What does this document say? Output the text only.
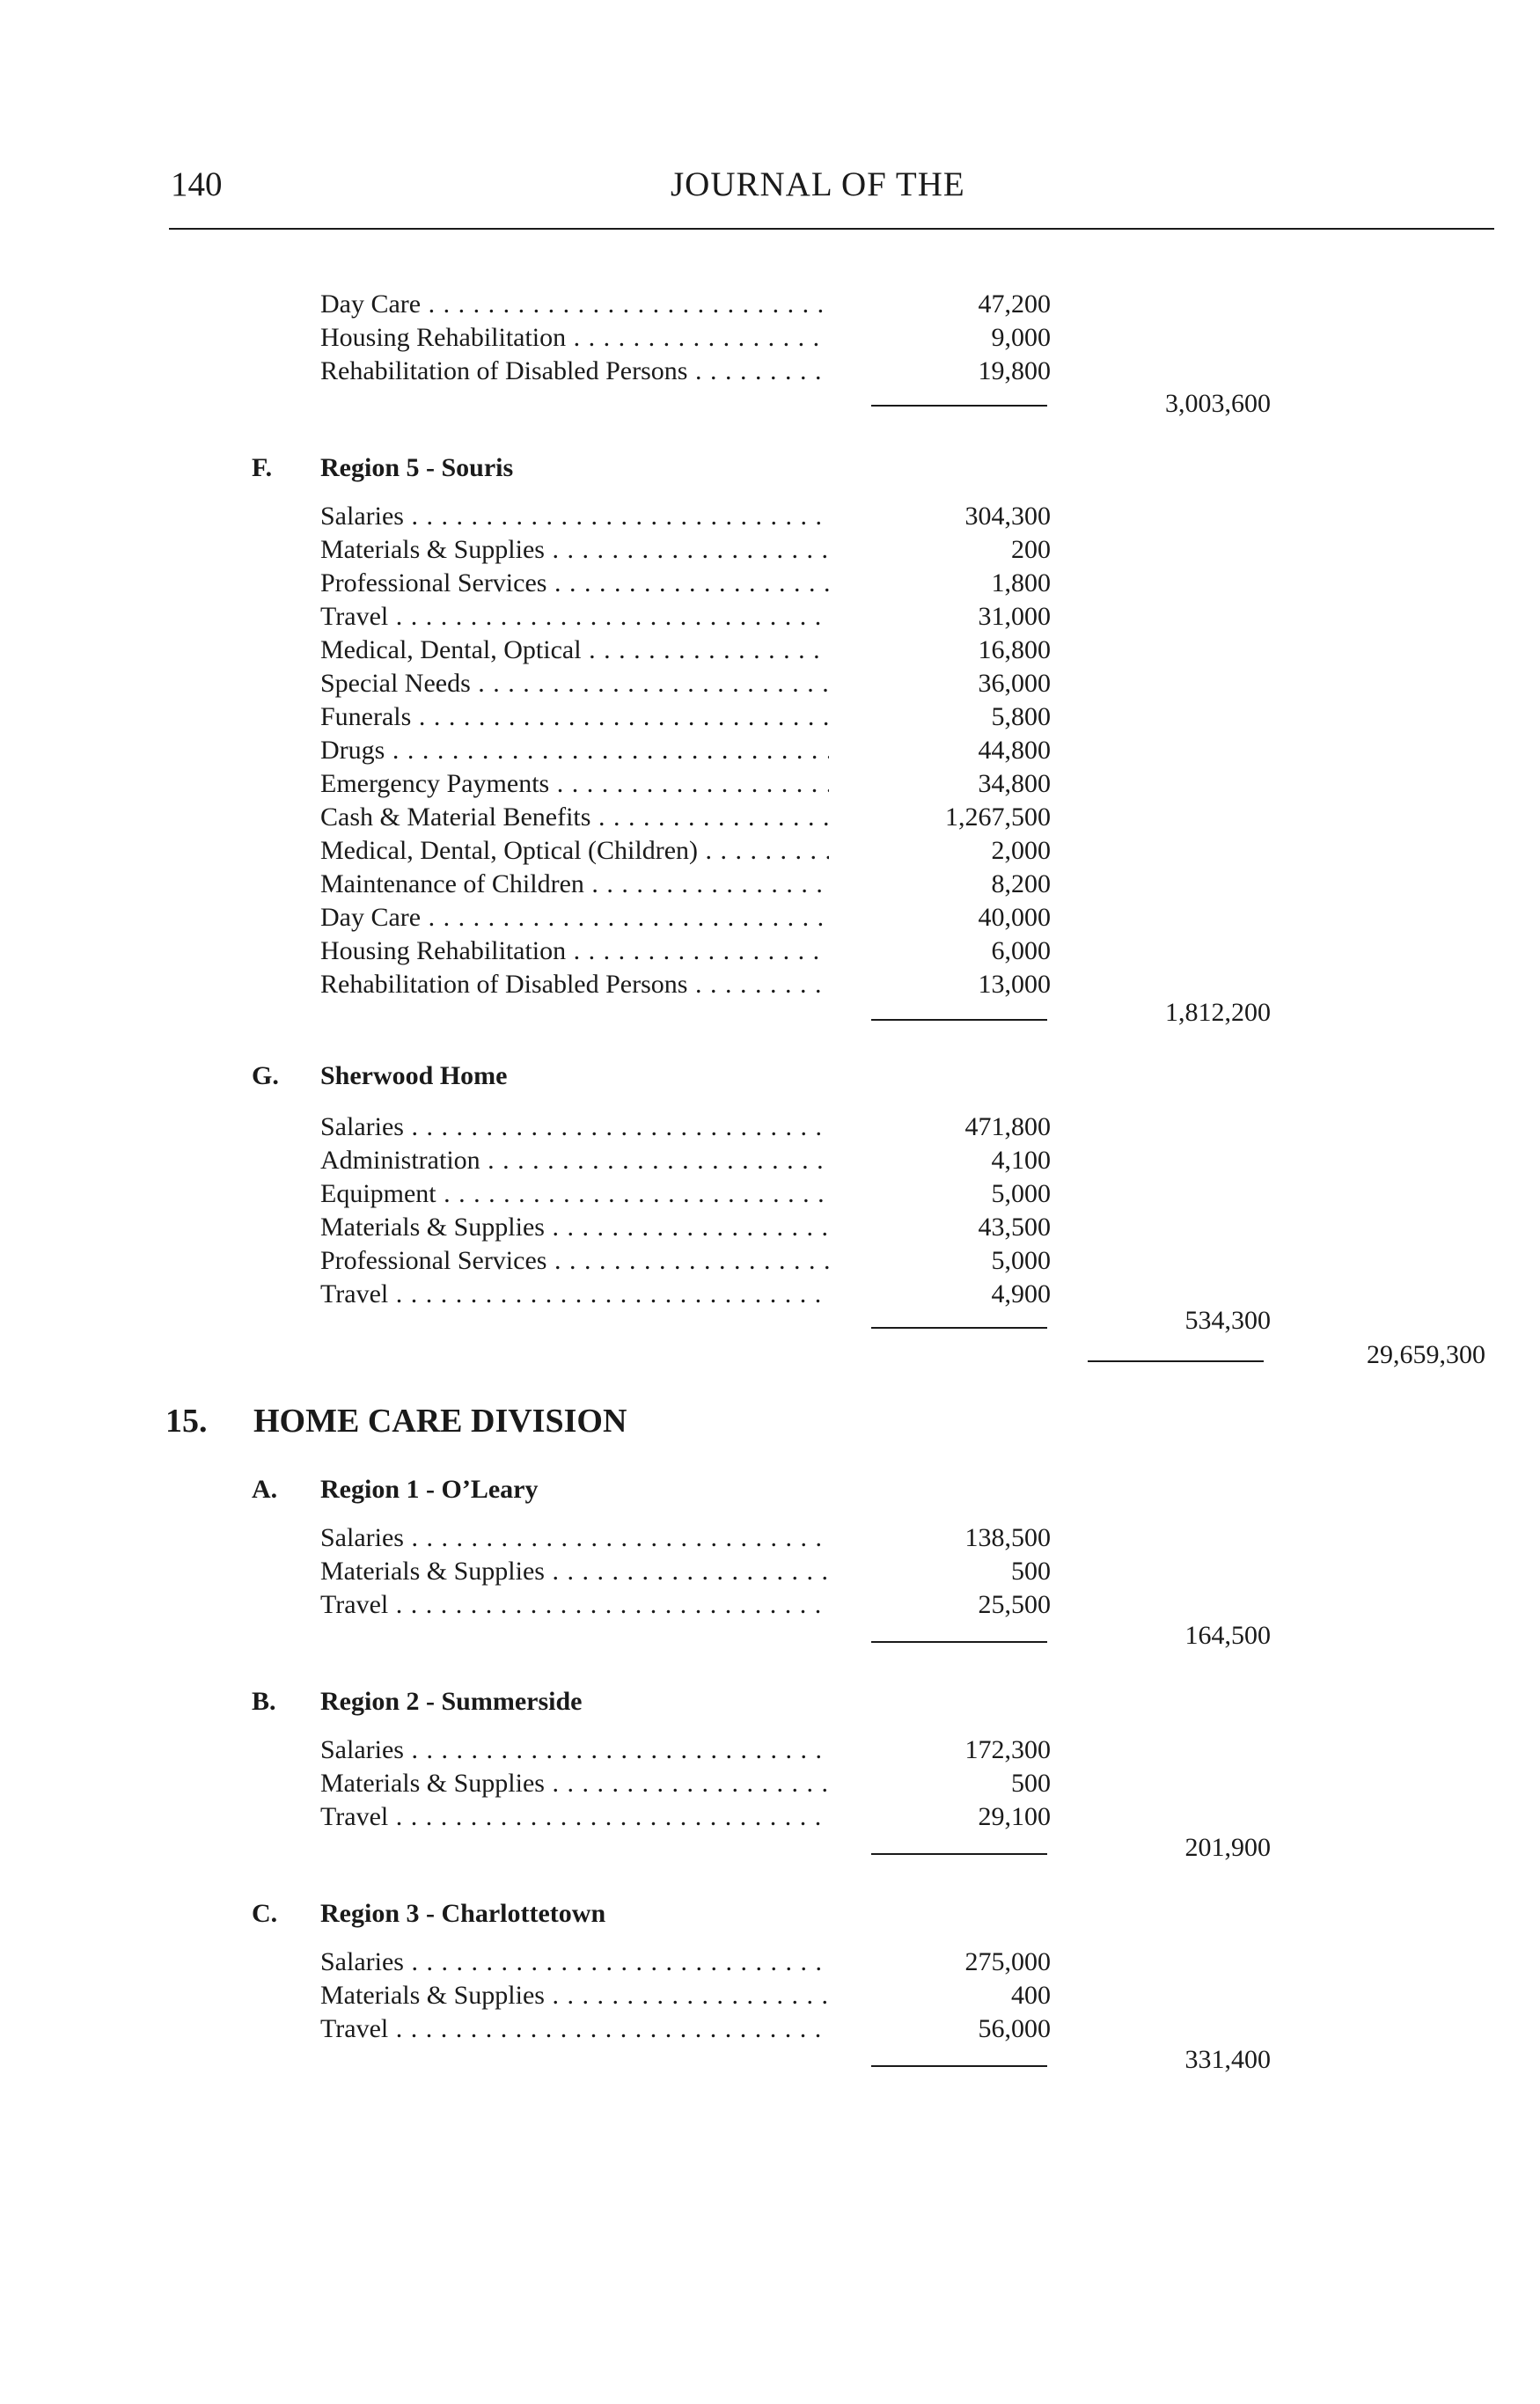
140	JOURNAL OF THE
Day Care . . .	47,200
Housing Rehabilitation . . .	9,000
Rehabilitation of Disabled Persons . . .	19,800
3,003,600
F. Region 5 - Souris
Salaries . . .	304,300
Materials & Supplies . . .	200
Professional Services . . .	1,800
Travel . . .	31,000
Medical, Dental, Optical . . .	16,800
Special Needs . . .	36,000
Funerals . . .	5,800
Drugs . . .	44,800
Emergency Payments . . .	34,800
Cash & Material Benefits . . .	1,267,500
Medical, Dental, Optical (Children) . . .	2,000
Maintenance of Children . . .	8,200
Day Care . . .	40,000
Housing Rehabilitation . . .	6,000
Rehabilitation of Disabled Persons . . .	13,000
1,812,200
G. Sherwood Home
Salaries . . .	471,800
Administration . . .	4,100
Equipment . . .	5,000
Materials & Supplies . . .	43,500
Professional Services . . .	5,000
Travel . . .	4,900
534,300
29,659,300
15. HOME CARE DIVISION
A. Region 1 - O’Leary
Salaries . . .	138,500
Materials & Supplies . . .	500
Travel . . .	25,500
164,500
B. Region 2 - Summerside
Salaries . . .	172,300
Materials & Supplies . . .	500
Travel . . .	29,100
201,900
C. Region 3 - Charlottetown
Salaries . . .	275,000
Materials & Supplies . . .	400
Travel . . .	56,000
331,400
